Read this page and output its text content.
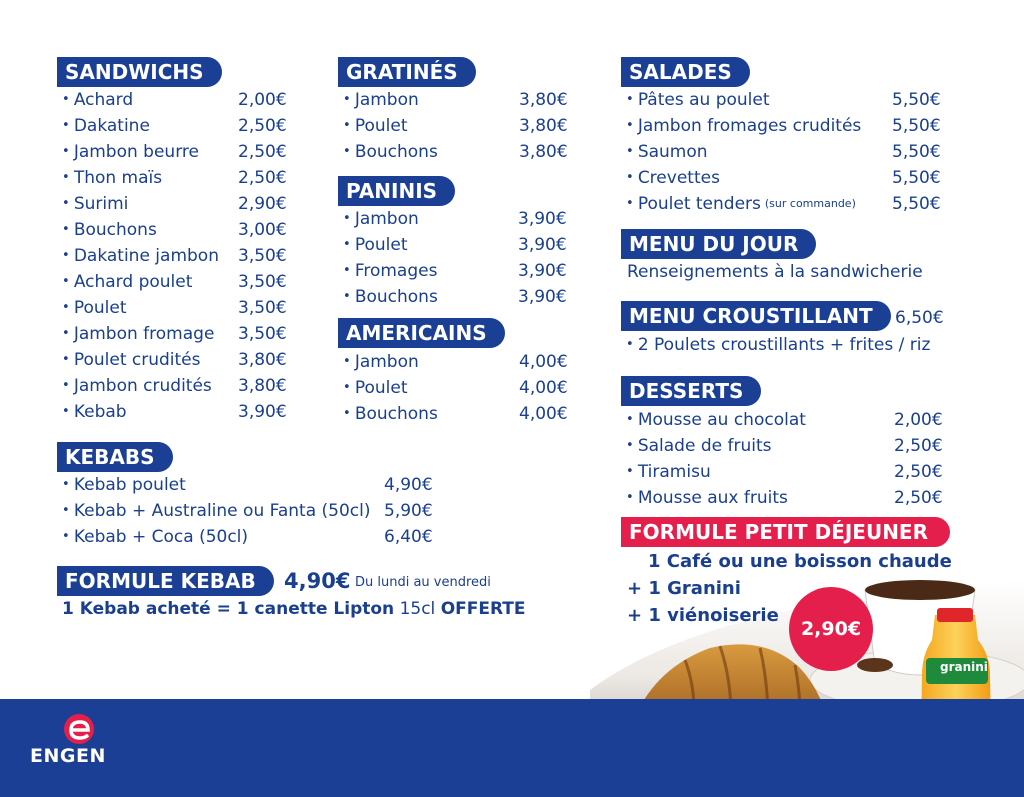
SANDWICHS
• Achard	2,00€
• Dakatine	2,50€
• Jambon beurre 2,50€
• Thon maïs	2,50€
• Surimi	2,90€
• Bouchons	3,00€
• Dakatine jambon 3,50€
• Achard poulet	3,50€
• Poulet	3,50€
• Jambon fromage 3,50€
• Poulet crudités 3,80€
• Jambon crudités 3,80€
• Kebab	3,90€
GRATINÉS
• Jambon	3,80€
• Poulet	3,80€
• Bouchons	3,80€
PANINIS
• Jambon	3,90€
• Poulet	3,90€
• Fromages	3,90€
• Bouchons	3,90€
AMERICAINS
• Jambon	4,00€
• Poulet	4,00€
• Bouchons	4,00€
SALADES
• Pâtes au poulet	5,50€
• Jambon fromages crudités 5,50€
• Saumon	5,50€
• Crevettes	5,50€
• Poulet tenders (sur commande) 5,50€
MENU DU JOUR
Renseignements à la sandwicherie
MENU CROUSTILLANT	6,50€
• 2 Poulets croustillants + frites / riz
DESSERTS
• Mousse au chocolat	2,00€
• Salade de fruits	2,50€
• Tiramisu	2,50€
• Mousse aux fruits	2,50€
KEBABS
• Kebab poulet	4,90€
• Kebab + Australine ou Fanta (50cl) 5,90€
• Kebab + Coca (50cl)	6,40€
FORMULE KEBAB	4,90€ Du lundi au vendredi
1 Kebab acheté = 1 canette Lipton 15cl OFFERTE
FORMULE PETIT DÉJEUNER
granini
1 Café ou une boisson chaude
+ 1 Granini
+ 1 viénoiserie
2,90€
ENGEN
